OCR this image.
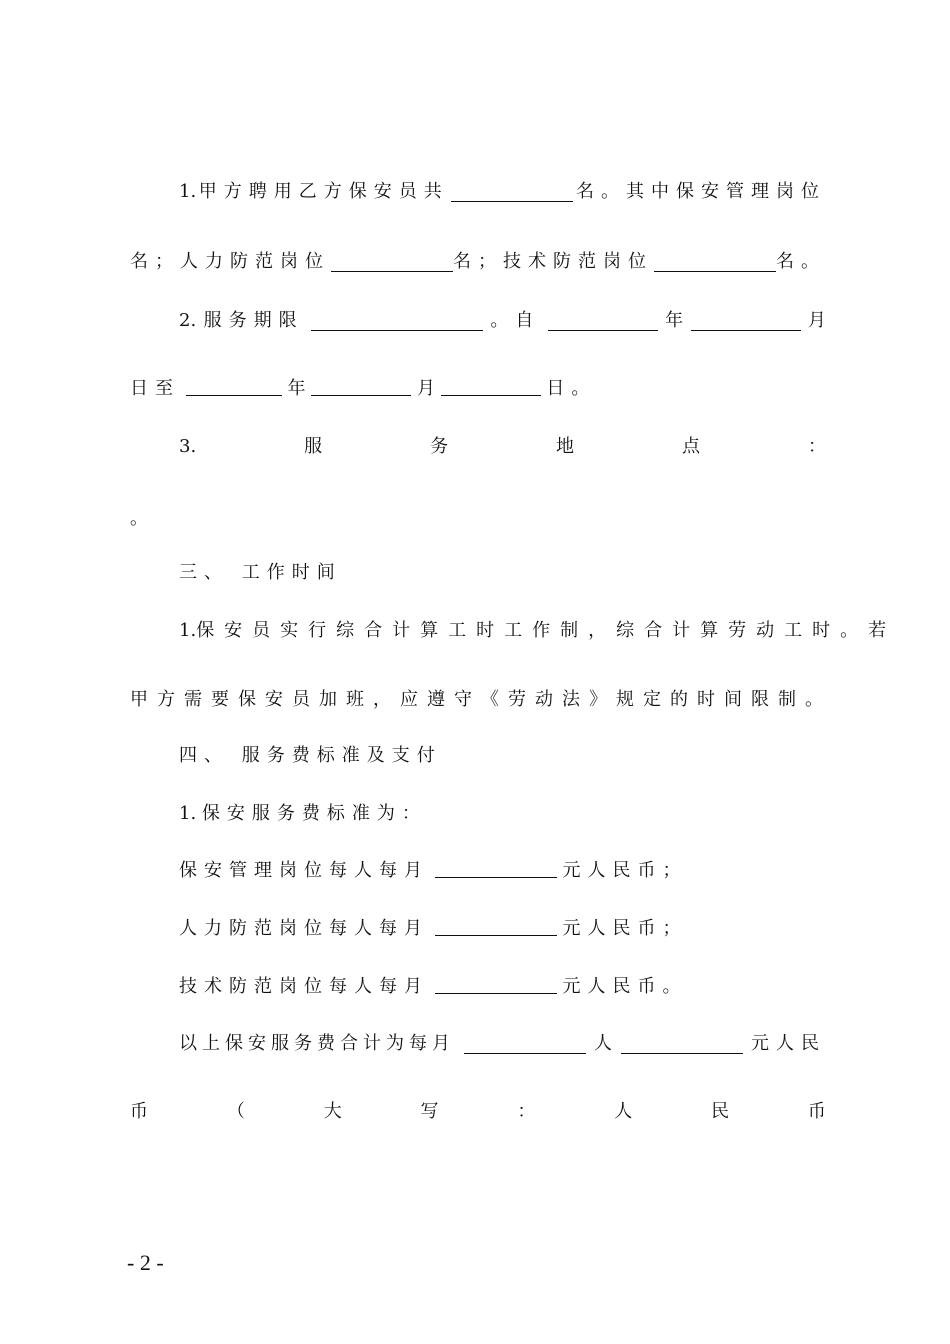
1. 甲方聘用乙方保安员共	名。其中保安管理岗位
名；人力防范岗位	名；技术防范岗位	名。
2. 服务期限	。自	年	月
日至	年	月	日。
3.	服	务	地	点	：
。
三、 工作时间
1. 保安员实行综合计算工时工作制，综合计算劳动工时。若
甲方需要保安员加班，应遵守《劳动法》规定的时间限制。
四、 服务费标准及支付
1. 保安服务费标准为：
保安管理岗位每人每月	元人民币；
人力防范岗位每人每月	元人民币；
技术防范岗位每人每月	元人民币。
以上保安服务费合计为每月	人	元人民
币	（	大	写	：	人	民	币
- 2 -
